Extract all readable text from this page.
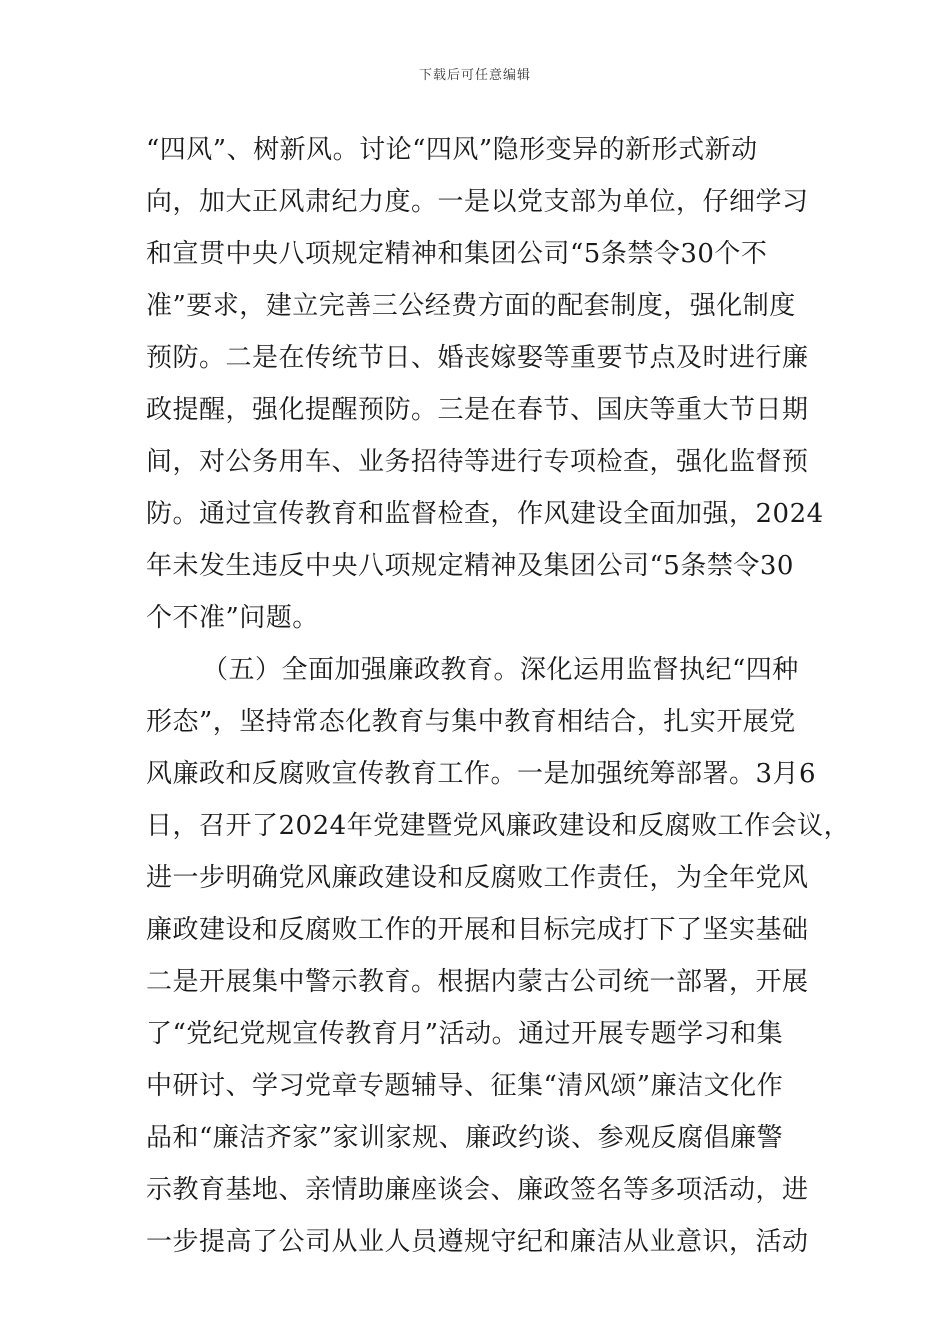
下载后可任意编辑
“四风”、树新风。讨论“四风”隐形变异的新形式新动
向，加大正风肃纪力度。一是以党支部为单位，仔细学习
和宣贯中央八项规定精神和集团公司“5条禁令30个不
准”要求，建立完善三公经费方面的配套制度，强化制度
预防。二是在传统节日、婚丧嫁娶等重要节点及时进行廉
政提醒，强化提醒预防。三是在春节、国庆等重大节日期
间，对公务用车、业务招待等进行专项检查，强化监督预
防。通过宣传教育和监督检查，作风建设全面加强，2024
年未发生违反中央八项规定精神及集团公司“5条禁令30
个不准”问题。
（五）全面加强廉政教育。深化运用监督执纪“四种
形态”，坚持常态化教育与集中教育相结合，扎实开展党
风廉政和反腐败宣传教育工作。一是加强统筹部署。3月6
日，召开了2024年党建暨党风廉政建设和反腐败工作会议，
进一步明确党风廉政建设和反腐败工作责任，为全年党风
廉政建设和反腐败工作的开展和目标完成打下了坚实基础
二是开展集中警示教育。根据内蒙古公司统一部署，开展
了“党纪党规宣传教育月”活动。通过开展专题学习和集
中研讨、学习党章专题辅导、征集“清风颂”廉洁文化作
品和“廉洁齐家”家训家规、廉政约谈、参观反腐倡廉警
示教育基地、亲情助廉座谈会、廉政签名等多项活动，进
一步提高了公司从业人员遵规守纪和廉洁从业意识，活动
